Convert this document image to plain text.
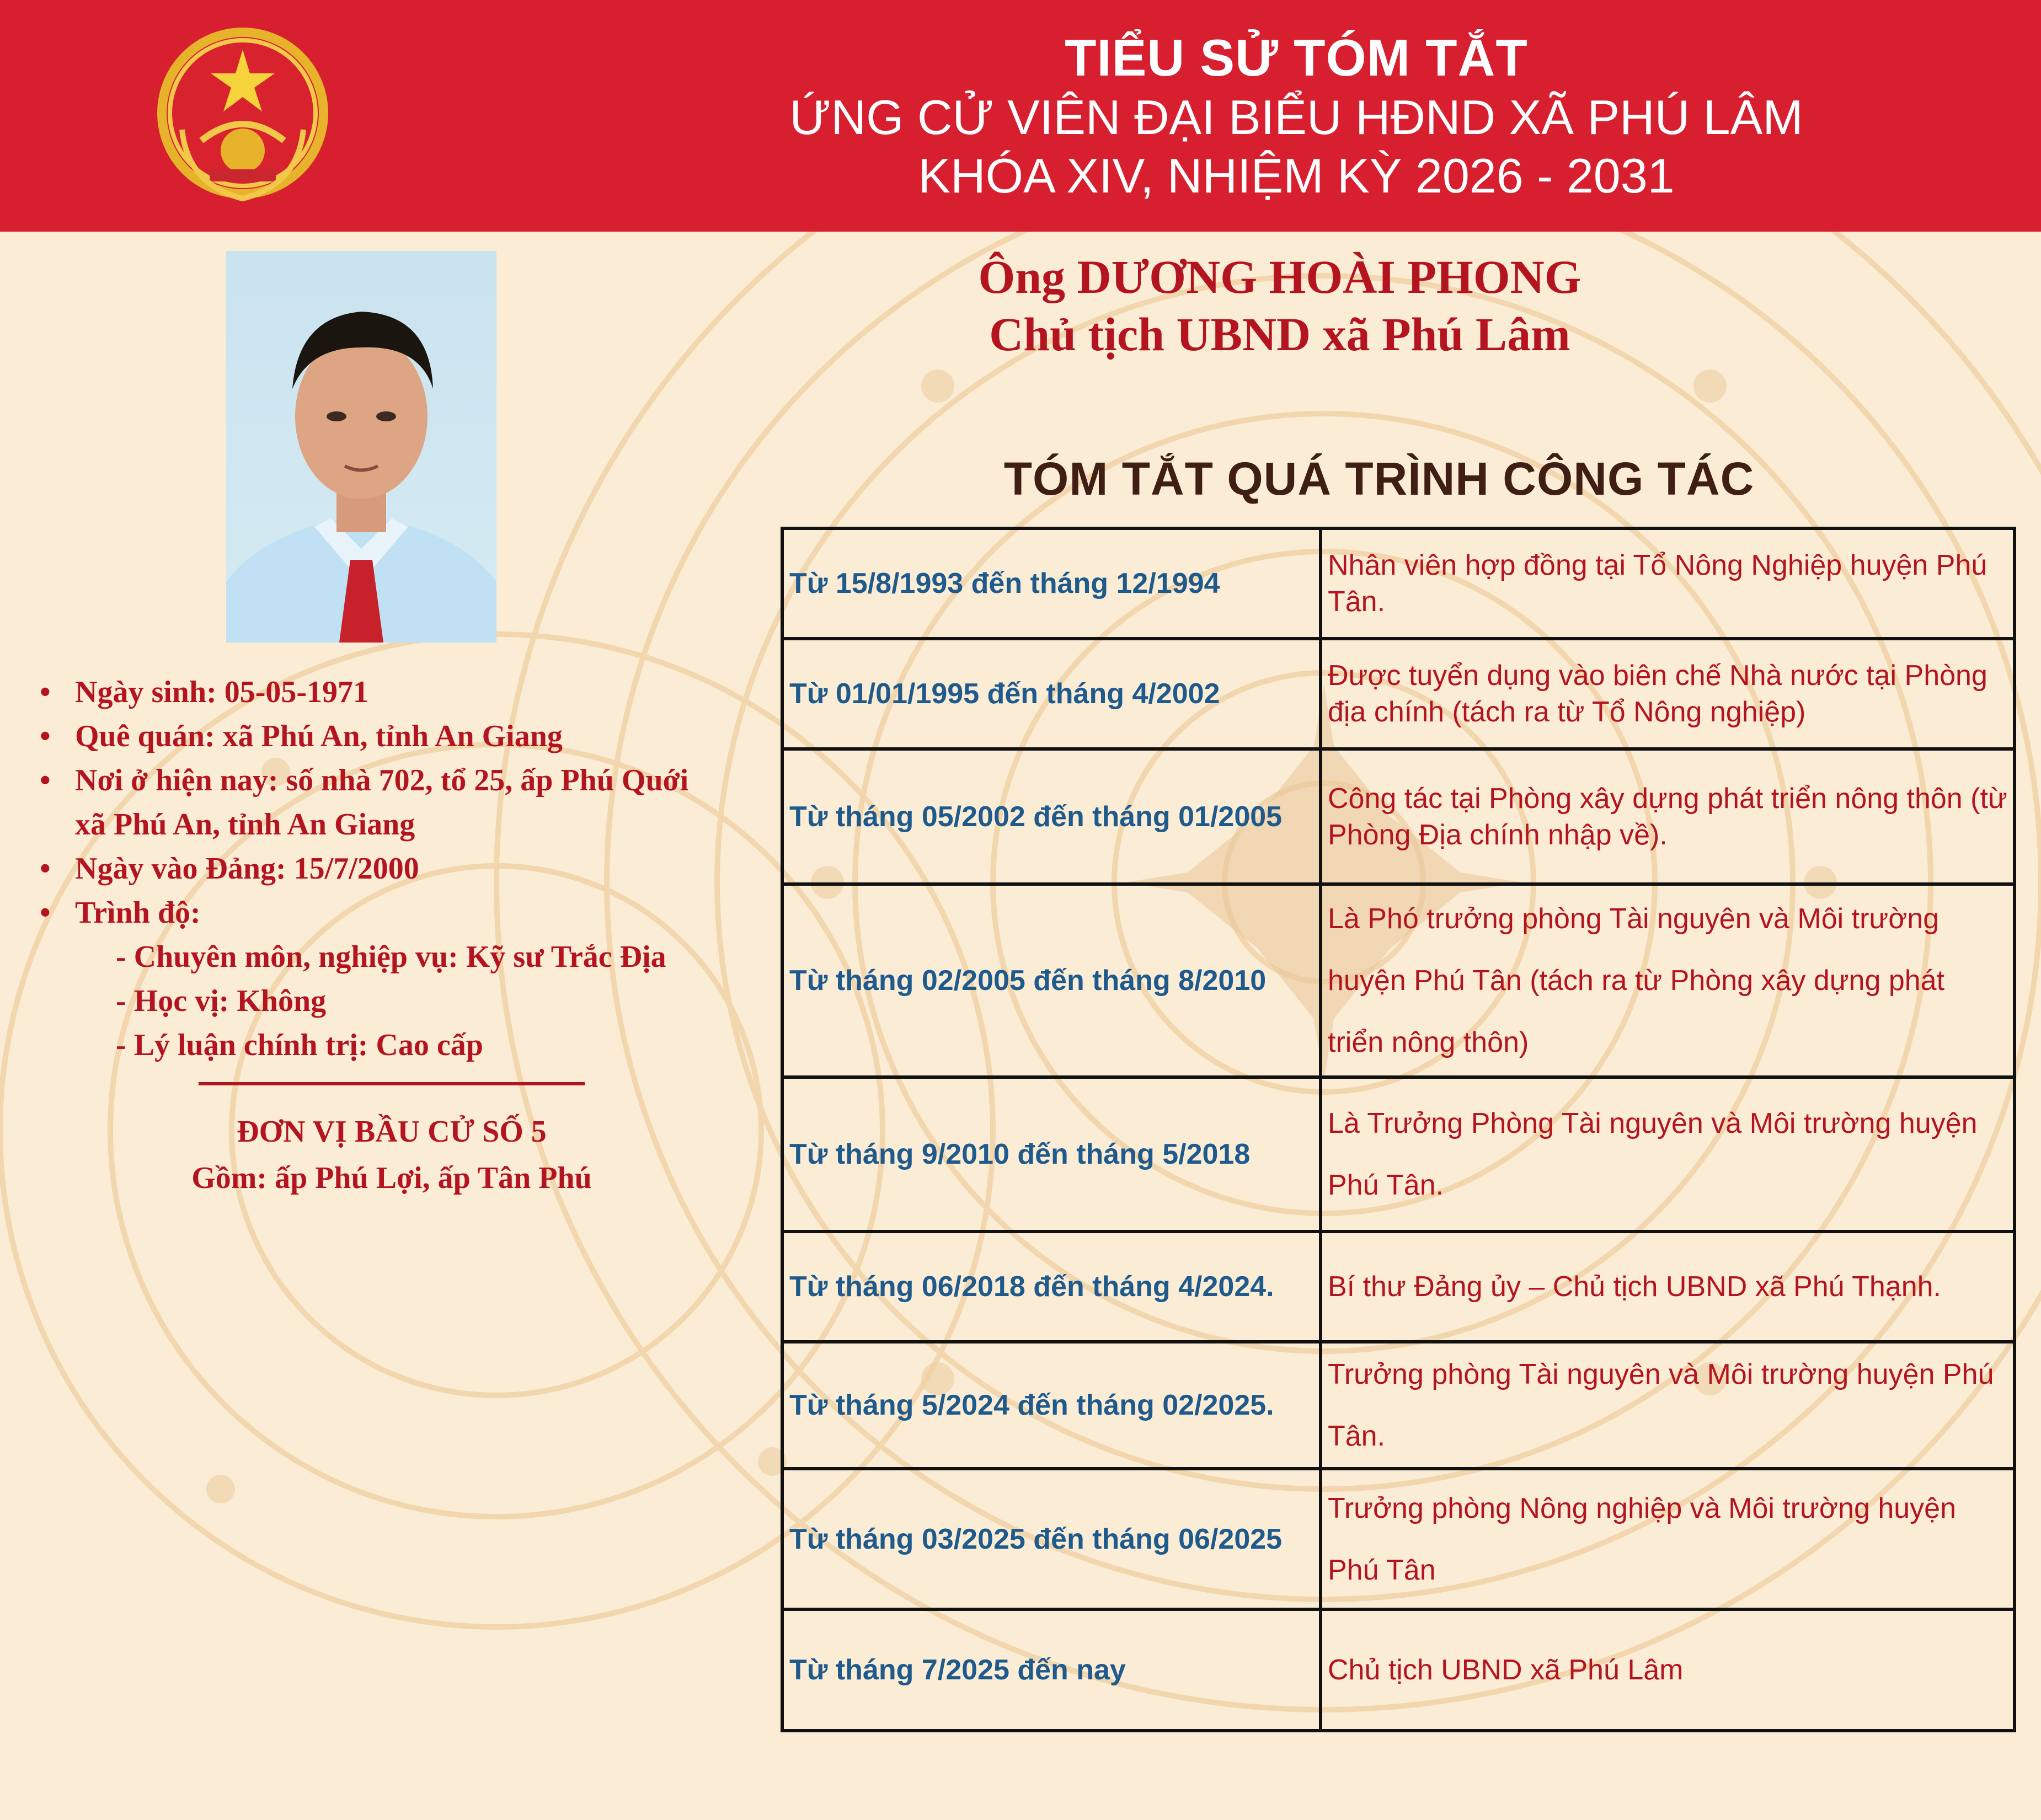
TIỂU SỬ TÓM TẮT
ỨNG CỬ VIÊN ĐẠI BIỂU HĐND XÃ PHÚ LÂM
KHÓA XIV, NHIỆM KỲ 2026 - 2031
Ông DƯƠNG HOÀI PHONG
Chủ tịch UBND xã Phú Lâm
TÓM TẮT QUÁ TRÌNH CÔNG TÁC
Từ 15/8/1993 đến tháng 12/1994	Nhân viên hợp đồng tại Tổ Nông Nghiệp huyện Phú Tân.
Từ 01/01/1995 đến tháng 4/2002	Được tuyển dụng vào biên chế Nhà nước tại Phòng địa chính (tách ra từ Tổ Nông nghiệp)
Từ tháng 05/2002 đến tháng 01/2005	Công tác tại Phòng xây dựng phát triển nông thôn (từ Phòng Địa chính nhập về).
Từ tháng 02/2005 đến tháng 8/2010	Là Phó trưởng phòng Tài nguyên và Môi trường huyện Phú Tân (tách ra từ Phòng xây dựng phát triển nông thôn)
Từ tháng 9/2010 đến tháng 5/2018	Là Trưởng Phòng Tài nguyên và Môi trường huyện Phú Tân.
Từ tháng 06/2018 đến tháng 4/2024.	Bí thư Đảng ủy – Chủ tịch UBND xã Phú Thạnh.
Từ tháng 5/2024 đến tháng 02/2025.	Trưởng phòng Tài nguyên và Môi trường huyện Phú Tân.
Từ tháng 03/2025 đến tháng 06/2025	Trưởng phòng Nông nghiệp và Môi trường huyện Phú Tân
Từ tháng 7/2025 đến nay	Chủ tịch UBND xã Phú Lâm
• Ngày sinh: 05-05-1971
• Quê quán: xã Phú An, tỉnh An Giang
• Nơi ở hiện nay: số nhà 702, tổ 25, ấp Phú Quới
xã Phú An, tỉnh An Giang
• Ngày vào Đảng: 15/7/2000
• Trình độ:
- Chuyên môn, nghiệp vụ: Kỹ sư Trắc Địa
- Học vị: Không
- Lý luận chính trị: Cao cấp
ĐƠN VỊ BẦU CỬ SỐ 5
Gồm: ấp Phú Lợi, ấp Tân Phú
